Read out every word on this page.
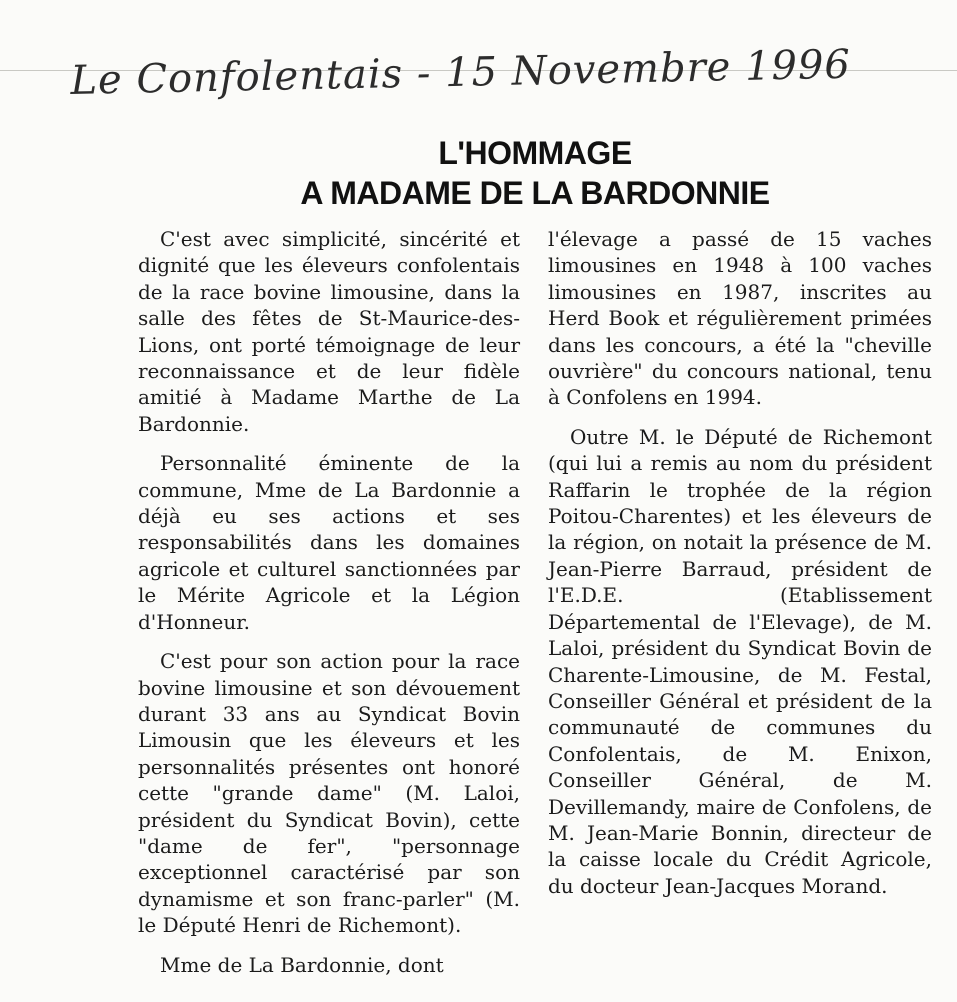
Le Confolentais - 15 Novembre 1996
L'HOMMAGE
A MADAME DE LA BARDONNIE

C'est avec simplicité, sincérité et dignité que les éleveurs confolentais de la race bovine limousine, dans la salle des fêtes de St-Maurice-des-Lions, ont porté témoignage de leur reconnaissance et de leur fidèle amitié à Madame Marthe de La Bardonnie.

Personnalité éminente de la commune, Mme de La Bardonnie a déjà eu ses actions et ses responsabilités dans les domaines agricole et culturel sanctionnées par le Mérite Agricole et la Légion d'Honneur.

C'est pour son action pour la race bovine limousine et son dévouement durant 33 ans au Syndicat Bovin Limousin que les éleveurs et les personnalités présentes ont honoré cette "grande dame" (M. Laloi, président du Syndicat Bovin), cette "dame de fer", "personnage exceptionnel caractérisé par son dynamisme et son franc-parler" (M. le Député Henri de Richemont).

Mme de La Bardonnie, dont

l'élevage a passé de 15 vaches limousines en 1948 à 100 vaches limousines en 1987, inscrites au Herd Book et régulièrement primées dans les concours, a été la "cheville ouvrière" du concours national, tenu à Confolens en 1994.

Outre M. le Député de Richemont (qui lui a remis au nom du président Raffarin le trophée de la région Poitou-Charentes) et les éleveurs de la région, on notait la présence de M. Jean-Pierre Barraud, président de l'E.D.E. (Etablissement Départemental de l'Elevage), de M. Laloi, président du Syndicat Bovin de Charente-Limousine, de M. Festal, Conseiller Général et président de la communauté de communes du Confolentais, de M. Enixon, Conseiller Général, de M. Devillemandy, maire de Confolens, de M. Jean-Marie Bonnin, directeur de la caisse locale du Crédit Agricole, du docteur Jean-Jacques Morand.
